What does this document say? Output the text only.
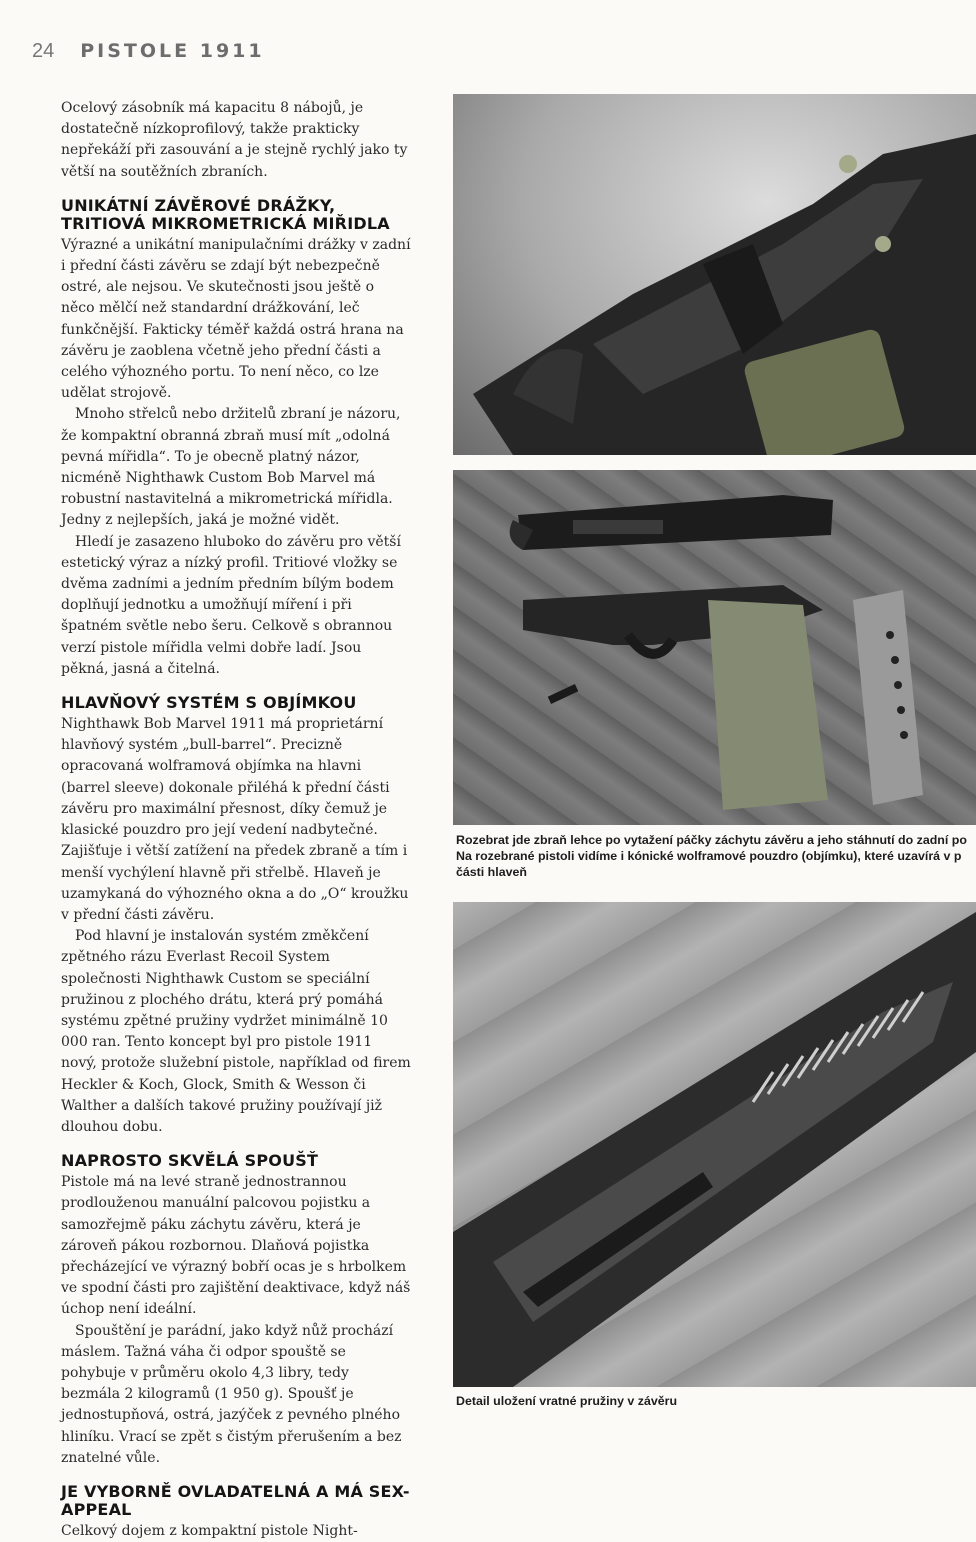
24 PISTOLE 1911

Ocelový zásobník má kapacitu 8 nábojů, je dostatečně nízkoprofilový, takže prakticky nepřekáží při zasouvání a je stejně rychlý jako ty větší na soutěžních zbraních.

UNIKÁTNÍ ZÁVĚROVÉ DRÁŽKY, TRITIOVÁ MIKROMETRICKÁ MIŘIDLA

Výrazné a unikátní manipulačními drážky v zadní i přední části závěru se zdají být nebezpečně ostré, ale nejsou. Ve skutečnosti jsou ještě o něco mělčí než standardní drážkování, leč funkčnější. Fakticky téměř každá ostrá hrana na závěru je zaoblena včetně jeho přední části a celého výhozného portu. To není něco, co lze udělat strojově.

Mnoho střelců nebo držitelů zbraní je názoru, že kompaktní obranná zbraň musí mít „odolná pevná mířidla“. To je obecně platný názor, nicméně Nighthawk Custom Bob Marvel má robustní nastavitelná a mikrometrická mířidla. Jedny z nejlepších, jaká je možné vidět.

Hledí je zasazeno hluboko do závěru pro větší estetický výraz a nízký profil. Tritiové vložky se dvěma zadními a jedním předním bílým bodem doplňují jednotku a umožňují míření i při špatném světle nebo šeru. Celkově s obrannou verzí pistole mířidla velmi dobře ladí. Jsou pěkná, jasná a čitelná.

HLAVŇOVÝ SYSTÉM S OBJÍMKOU

Nighthawk Bob Marvel 1911 má proprietární hlavňový systém „bull-barrel“. Precizně opracovaná wolframová objímka na hlavni (barrel sleeve) dokonale přiléhá k přední části závěru pro maximální přesnost, díky čemuž je klasické pouzdro pro její vedení nadbytečné. Zajišťuje i větší zatížení na předek zbraně a tím i menší vychýlení hlavně při střelbě. Hlaveň je uzamykaná do výhozného okna a do „O“ kroužku v přední části závěru.

Pod hlavní je instalován systém změkčení zpětného rázu Everlast Recoil System společnosti Nighthawk Custom se speciální pružinou z plochého drátu, která prý pomáhá systému zpětné pružiny vydržet minimálně 10 000 ran. Tento koncept byl pro pistole 1911 nový, protože služební pistole, například od firem Heckler & Koch, Glock, Smith & Wesson či Walther a dalších takové pružiny používají již dlouhou dobu.

NAPROSTO SKVĚLÁ SPOUŠŤ

Pistole má na levé straně jednostrannou prodlouženou manuální palcovou pojistku a samozřejmě páku záchytu závěru, která je zároveň pákou rozbornou. Dlaňová pojistka přecházející ve výrazný bobří ocas je s hrbolkem ve spodní části pro zajištění deaktivace, když náš úchop není ideální.

Spouštění je parádní, jako když nůž prochází máslem. Tažná váha či odpor spouště se pohybuje v průměru okolo 4,3 libry, tedy bezmála 2 kilogramů (1 950 g). Spoušť je jednostupňová, ostrá, jazýček z pevného plného hliníku. Vrací se zpět s čistým přerušením a bez znatelné vůle.

JE VYBORNĚ OVLADATELNÁ A MÁ SEX-APPEAL

Celkový dojem z kompaktní pistole Night-

Rozebrat jde zbraň lehce po vytažení páčky záchytu závěru a jeho stáhnutí do zadní po
Na rozebrané pistoli vidíme i kónické wolframové pouzdro (objímku), které uzavírá v p
části hlaveň
Detail uložení vratné pružiny v závěru
